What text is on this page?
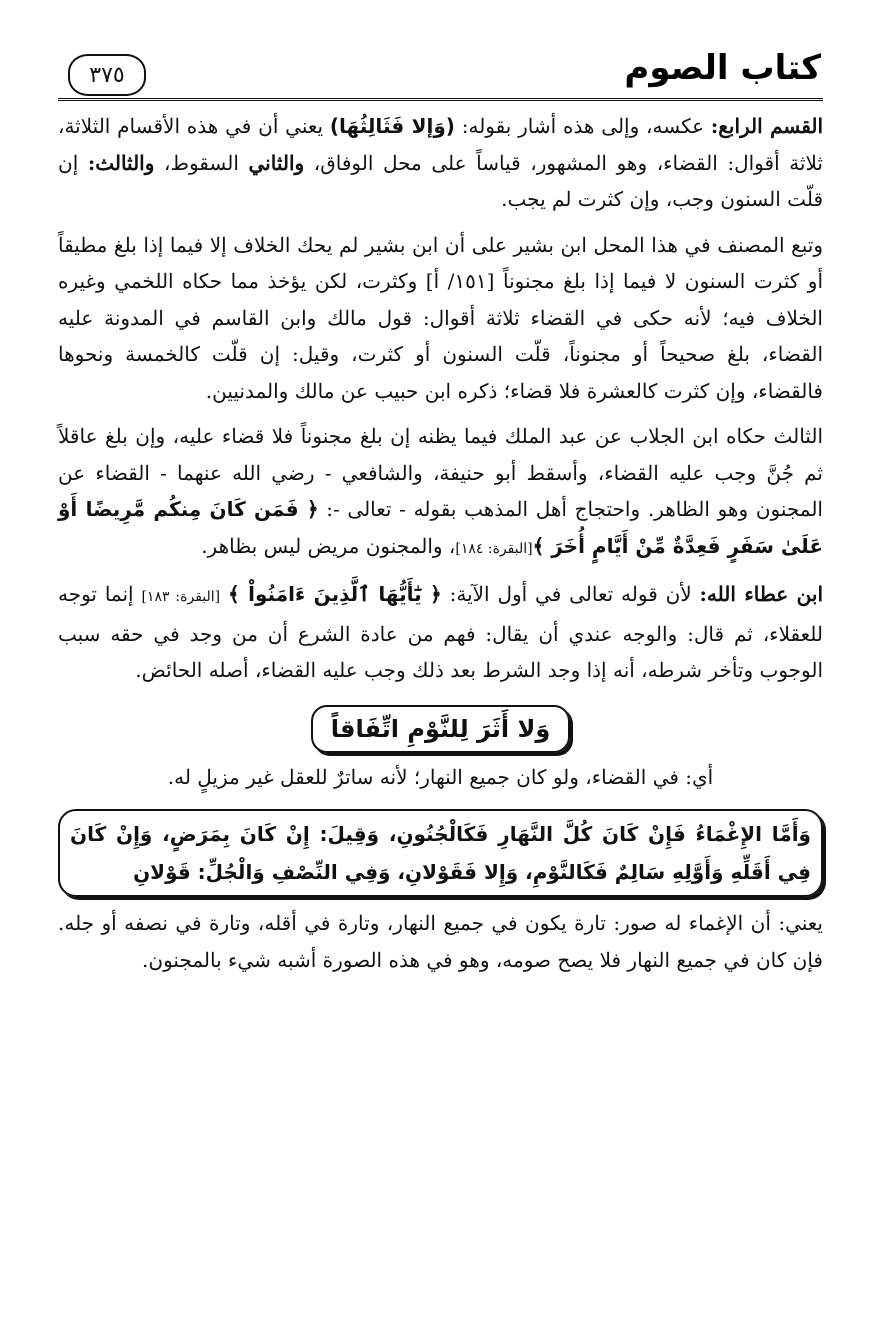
كتاب الصوم
٣٧٥

القسم الرابع: عكسه، وإلى هذه أشار بقوله: (وَإلا فَثَالِثُهَا) يعني أن في هذه الأقسام الثلاثة، ثلاثة أقوال: القضاء، وهو المشهور، قياساً على محل الوفاق، والثاني السقوط، والثالث: إن قلّت السنون وجب، وإن كثرت لم يجب.

وتبع المصنف في هذا المحل ابن بشير على أن ابن بشير لم يحك الخلاف إلا فيما إذا بلغ مطيقاً أو كثرت السنون لا فيما إذا بلغ مجنوناً [١٥١/ أ] وكثرت، لكن يؤخذ مما حكاه اللخمي وغيره الخلاف فيه؛ لأنه حكى في القضاء ثلاثة أقوال: قول مالك وابن القاسم في المدونة عليه القضاء، بلغ صحيحاً أو مجنوناً، قلّت السنون أو كثرت، وقيل: إن قلّت كالخمسة ونحوها فالقضاء، وإن كثرت كالعشرة فلا قضاء؛ ذكره ابن حبيب عن مالك والمدنيين.

الثالث حكاه ابن الجلاب عن عبد الملك فيما يظنه إن بلغ مجنوناً فلا قضاء عليه، وإن بلغ عاقلاً ثم جُنَّ وجب عليه القضاء، وأسقط أبو حنيفة، والشافعي - رضي الله عنهما - القضاء عن المجنون وهو الظاهر. واحتجاج أهل المذهب بقوله - تعالى -: ﴿ فَمَن كَانَ مِنكُم مَّرِيضًا أَوْ عَلَىٰ سَفَرٍ فَعِدَّةٌ مِّنْ أَيَّامٍ أُخَرَ ﴾[البقرة: ١٨٤]، والمجنون مريض ليس بظاهر.

ابن عطاء الله: لأن قوله تعالى في أول الآية: ﴿ يَٰٓأَيُّهَا ٱلَّذِينَ ءَامَنُواْ ﴾ [البقرة: ١٨٣] إنما توجه للعقلاء، ثم قال: والوجه عندي أن يقال: فهم من عادة الشرع أن من وجد في حقه سبب الوجوب وتأخر شرطه، أنه إذا وجد الشرط بعد ذلك وجب عليه القضاء، أصله الحائض.

وَلا أَثَرَ لِلنَّوْمِ اتِّفَاقاً

أي: في القضاء، ولو كان جميع النهار؛ لأنه ساترٌ للعقل غير مزيلٍ له.

وَأَمَّا الإِغْمَاءُ فَإِنْ كَانَ كُلَّ النَّهَارِ فَكَالْجُنُونِ، وَقِيلَ: إِنْ كَانَ بِمَرَضٍ، وَإِنْ كَانَ فِي أَقَلِّهِ وَأَوَّلِهِ سَالِمٌ فَكَالنَّوْمِ، وَإِلا فَقَوْلانِ، وَفِي النِّصْفِ وَالْجُلِّ: قَوْلانِ

يعني: أن الإغماء له صور: تارة يكون في جميع النهار، وتارة في أقله، وتارة في نصفه أو جله. فإن كان في جميع النهار فلا يصح صومه، وهو في هذه الصورة أشبه شيء بالمجنون.
